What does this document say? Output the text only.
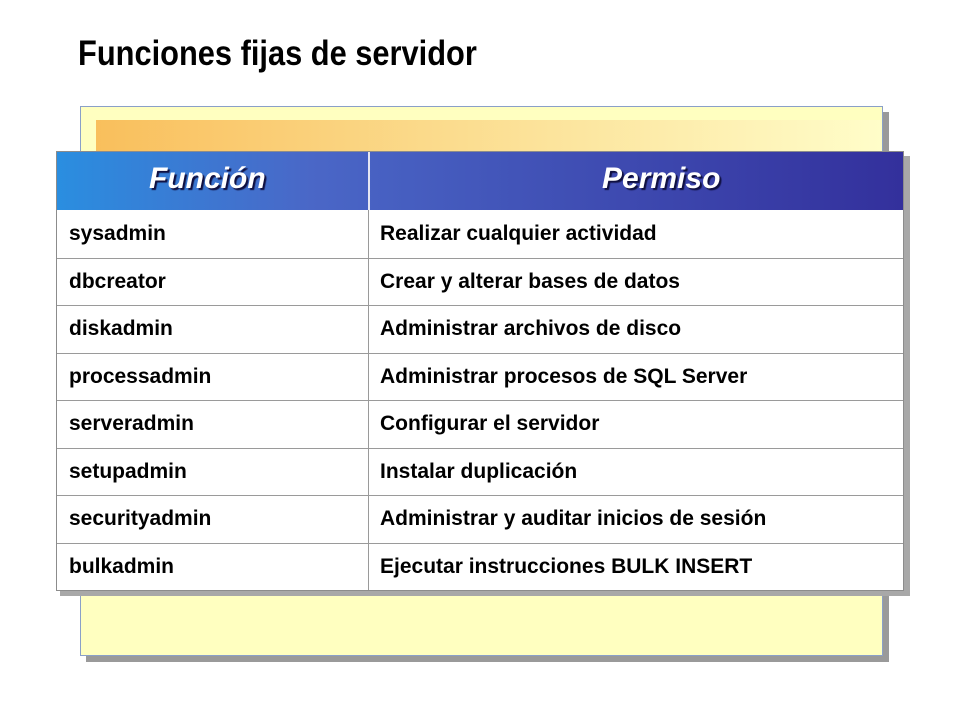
Funciones fijas de servidor
Función	Permiso
sysadmin	Realizar cualquier actividad
dbcreator	Crear y alterar bases de datos
diskadmin	Administrar archivos de disco
processadmin	Administrar procesos de SQL Server
serveradmin	Configurar el servidor
setupadmin	Instalar duplicación
securityadmin	Administrar y auditar inicios de sesión
bulkadmin	Ejecutar instrucciones BULK INSERT
